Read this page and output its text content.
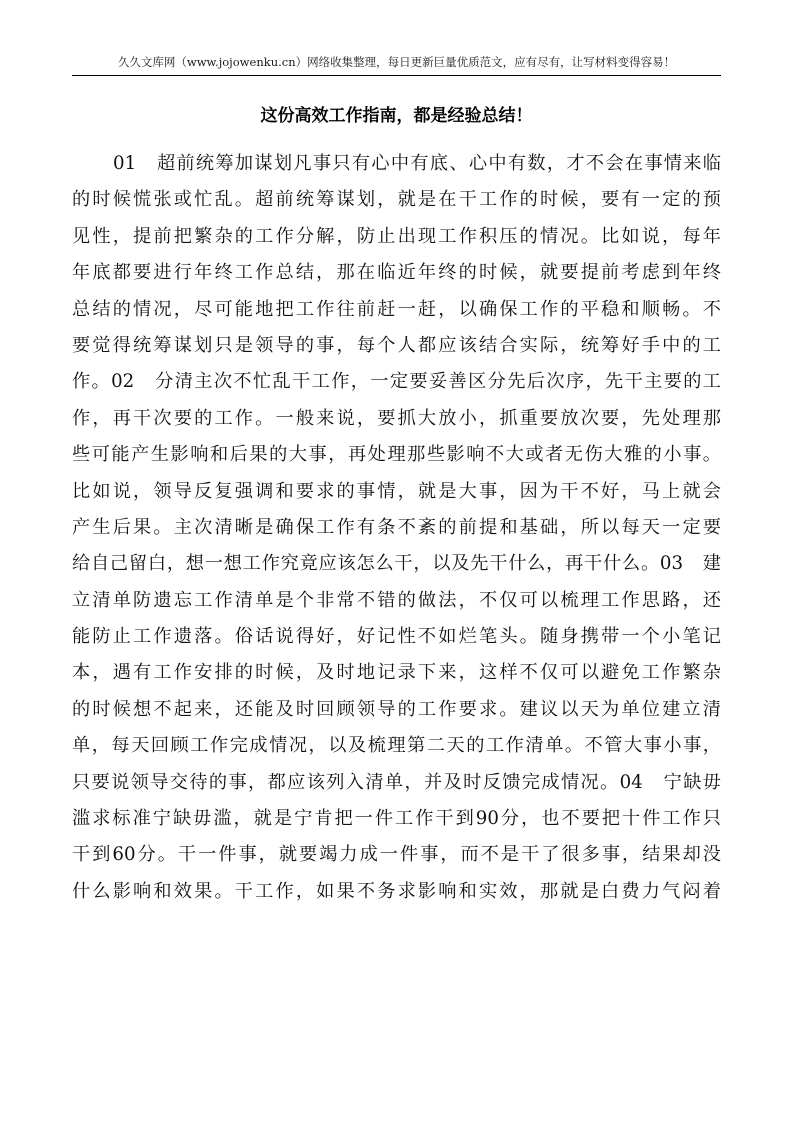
久久文库网（www.jojowenku.cn）网络收集整理，每日更新巨量优质范文，应有尽有，让写材料变得容易！
这份高效工作指南，都是经验总结！
01　超前统筹加谋划凡事只有心中有底、心中有数，才不会在事情来临
的时候慌张或忙乱。超前统筹谋划，就是在干工作的时候，要有一定的预
见性，提前把繁杂的工作分解，防止出现工作积压的情况。比如说，每年
年底都要进行年终工作总结，那在临近年终的时候，就要提前考虑到年终
总结的情况，尽可能地把工作往前赶一赶，以确保工作的平稳和顺畅。不
要觉得统筹谋划只是领导的事，每个人都应该结合实际，统筹好手中的工
作。02　分清主次不忙乱干工作，一定要妥善区分先后次序，先干主要的工
作，再干次要的工作。一般来说，要抓大放小，抓重要放次要，先处理那
些可能产生影响和后果的大事，再处理那些影响不大或者无伤大雅的小事。
比如说，领导反复强调和要求的事情，就是大事，因为干不好，马上就会
产生后果。主次清晰是确保工作有条不紊的前提和基础，所以每天一定要
给自己留白，想一想工作究竟应该怎么干，以及先干什么，再干什么。03　建
立清单防遗忘工作清单是个非常不错的做法，不仅可以梳理工作思路，还
能防止工作遗落。俗话说得好，好记性不如烂笔头。随身携带一个小笔记
本，遇有工作安排的时候，及时地记录下来，这样不仅可以避免工作繁杂
的时候想不起来，还能及时回顾领导的工作要求。建议以天为单位建立清
单，每天回顾工作完成情况，以及梳理第二天的工作清单。不管大事小事，
只要说领导交待的事，都应该列入清单，并及时反馈完成情况。04　宁缺毋
滥求标准宁缺毋滥，就是宁肯把一件工作干到90分，也不要把十件工作只
干到60分。干一件事，就要竭力成一件事，而不是干了很多事，结果却没
什么影响和效果。干工作，如果不务求影响和实效，那就是白费力气闷着
